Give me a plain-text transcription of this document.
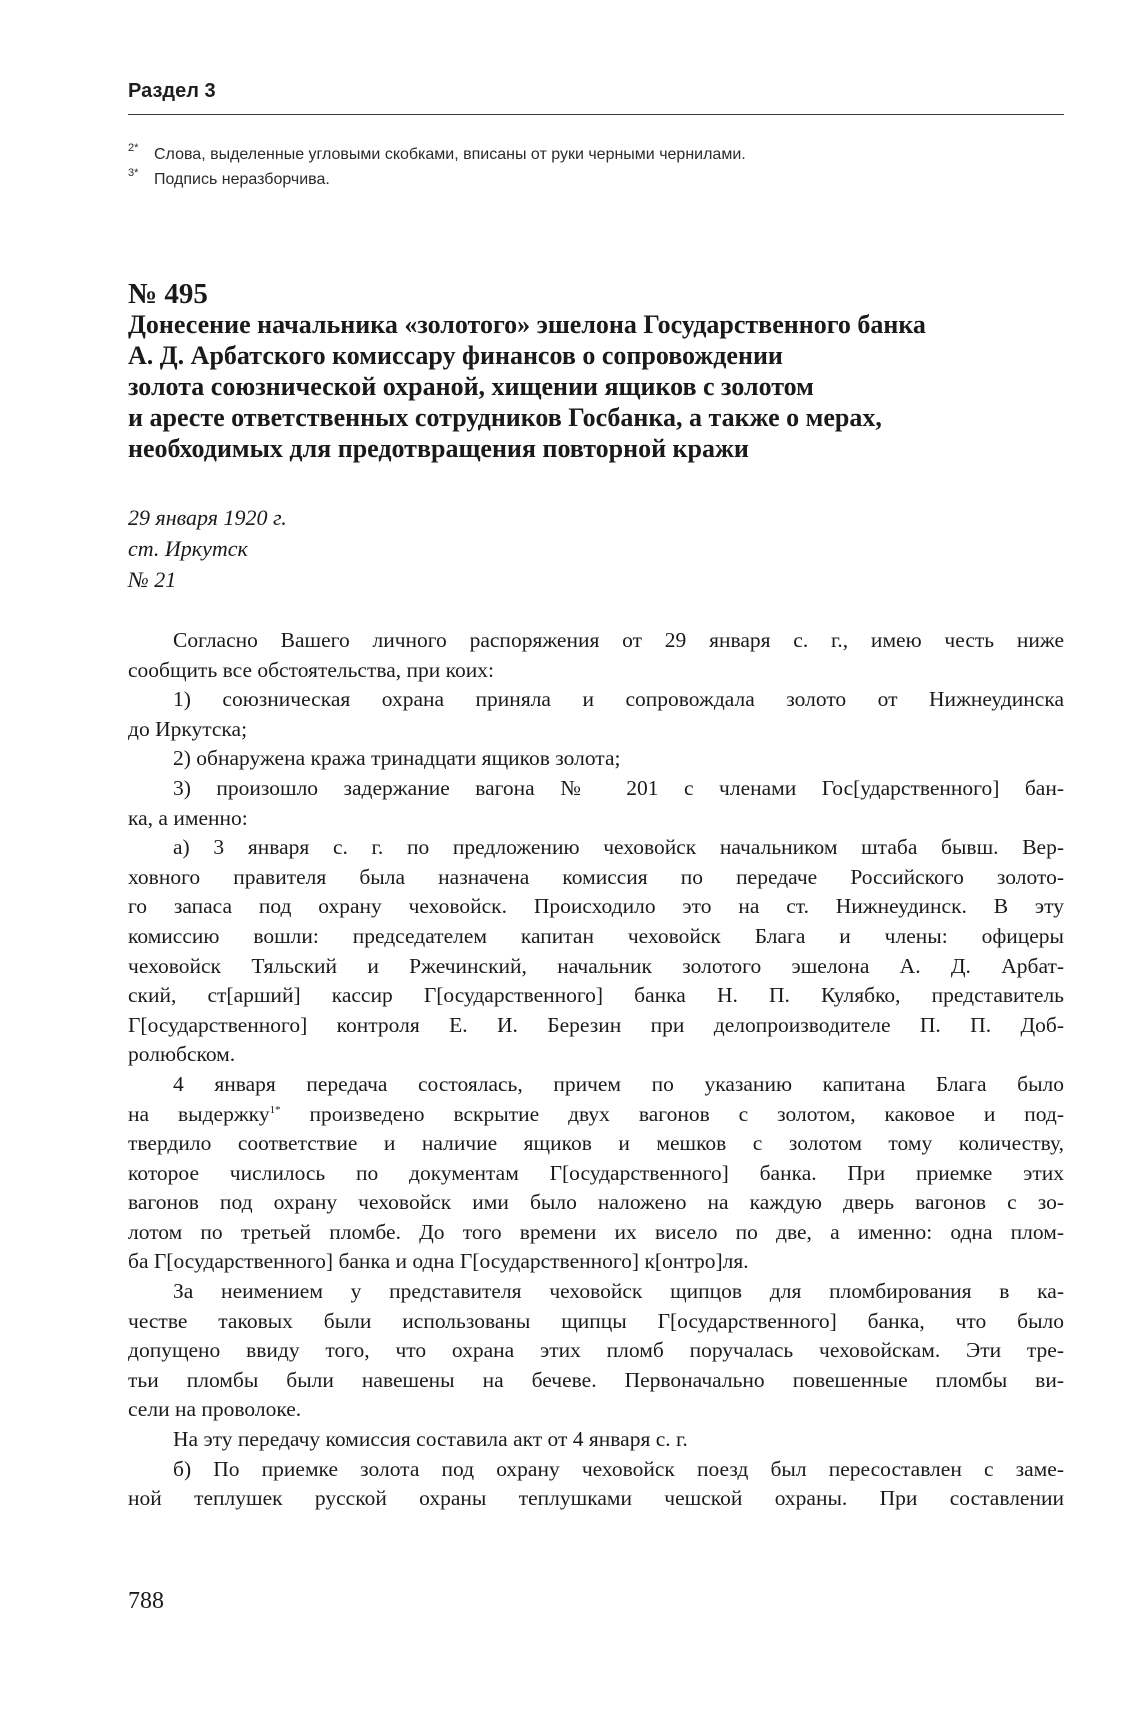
Раздел 3
2* Слова, выделенные угловыми скобками, вписаны от руки черными чернилами.
3* Подпись неразборчива.
№ 495
Донесение начальника «золотого» эшелона Государственного банка
А. Д. Арбатского комиссару финансов о сопровождении
золота союзнической охраной, хищении ящиков с золотом
и аресте ответственных сотрудников Госбанка, а также о мерах,
необходимых для предотвращения повторной кражи
29 января 1920 г.
ст. Иркутск
№ 21
Согласно Вашего личного распоряжения от 29 января с. г., имею честь ниже
сообщить все обстоятельства, при коих:
1) союзническая охрана приняла и сопровождала золото от Нижнеудинска
до Иркутска;
2) обнаружена кража тринадцати ящиков золота;
3) произошло задержание вагона № 201 с членами Гос[ударственного] бан-
ка, а именно:
а) 3 января с. г. по предложению чеховойск начальником штаба бывш. Вер-
ховного правителя была назначена комиссия по передаче Российского золото-
го запаса под охрану чеховойск. Происходило это на ст. Нижнеудинск. В эту
комиссию вошли: председателем капитан чеховойск Блага и члены: офицеры
чеховойск Тяльский и Ржечинский, начальник золотого эшелона А. Д. Арбат-
ский, ст[арший] кассир Г[осударственного] банка Н. П. Кулябко, представитель
Г[осударственного] контроля Е. И. Березин при делопроизводителе П. П. Доб-
ролюбском.
4 января передача состоялась, причем по указанию капитана Блага было
на выдержку$^{1*}$ произведено вскрытие двух вагонов с золотом, каковое и под-
твердило соответствие и наличие ящиков и мешков с золотом тому количеству,
которое числилось по документам Г[осударственного] банка. При приемке этих
вагонов под охрану чеховойск ими было наложено на каждую дверь вагонов с зо-
лотом по третьей пломбе. До того времени их висело по две, а именно: одна плом-
ба Г[осударственного] банка и одна Г[осударственного] к[онтро]ля.
За неимением у представителя чеховойск щипцов для пломбирования в ка-
честве таковых были использованы щипцы Г[осударственного] банка, что было
допущено ввиду того, что охрана этих пломб поручалась чеховойскам. Эти тре-
тьи пломбы были навешены на бечеве. Первоначально повешенные пломбы ви-
сели на проволоке.
На эту передачу комиссия составила акт от 4 января с. г.
б) По приемке золота под охрану чеховойск поезд был пересоставлен с заме-
ной теплушек русской охраны теплушками чешской охраны. При составлении
788
